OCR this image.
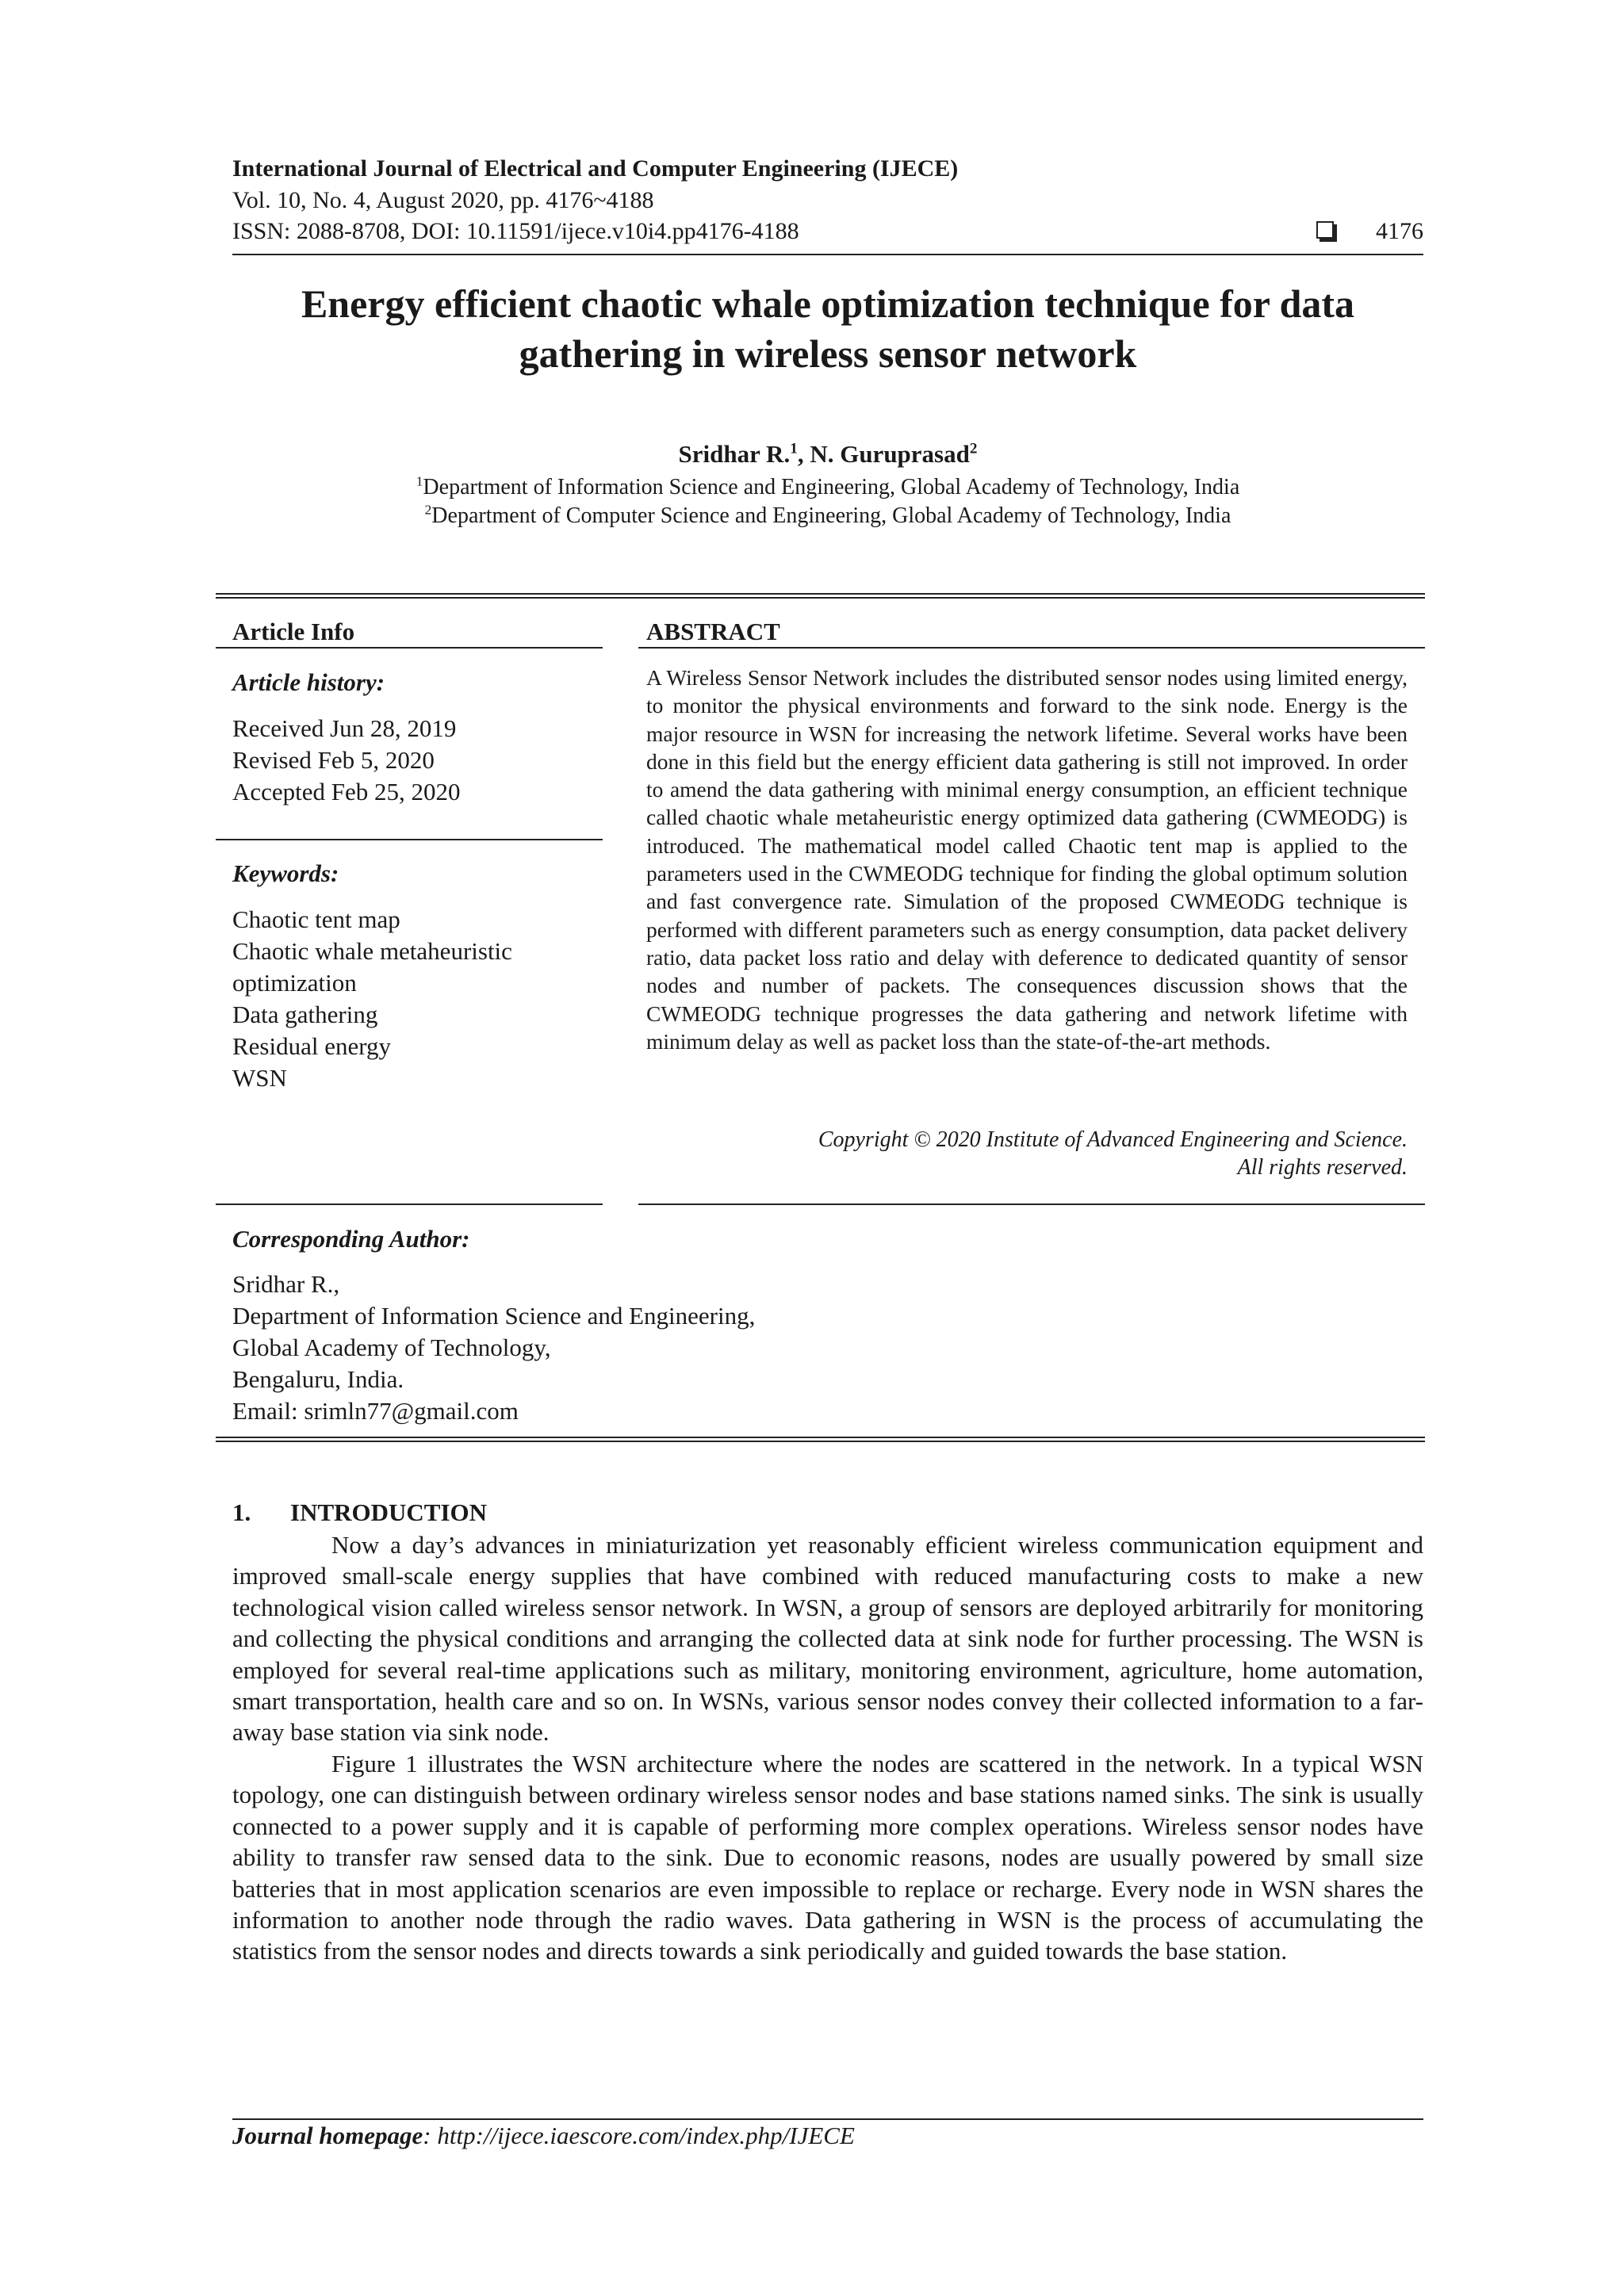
International Journal of Electrical and Computer Engineering (IJECE)
Vol. 10, No. 4, August 2020, pp. 4176~4188
ISSN: 2088-8708, DOI: 10.11591/ijece.v10i4.pp4176-4188	4176
Energy efficient chaotic whale optimization technique for data
gathering in wireless sensor network
Sridhar R.$^1$, N. Guruprasad$^2$
$^1$Department of Information Science and Engineering, Global Academy of Technology, India
$^2$Department of Computer Science and Engineering, Global Academy of Technology, India
Article Info
Article history:
Received Jun 28, 2019
Revised Feb 5, 2020
Accepted Feb 25, 2020
Keywords:
Chaotic tent map
Chaotic whale metaheuristic
optimization
Data gathering
Residual energy
WSN
ABSTRACT
A Wireless Sensor Network includes the distributed sensor nodes using limited energy, to monitor the physical environments and forward to the sink node. Energy is the major resource in WSN for increasing the network lifetime. Several works have been done in this field but the energy efficient data gathering is still not improved. In order to amend the data gathering with minimal energy consumption, an efficient technique called chaotic whale metaheuristic energy optimized data gathering (CWMEODG) is introduced. The mathematical model called Chaotic tent map is applied to the parameters used in the CWMEODG technique for finding the global optimum solution and fast convergence rate. Simulation of the proposed CWMEODG technique is performed with different parameters such as energy consumption, data packet delivery ratio, data packet loss ratio and delay with deference to dedicated quantity of sensor nodes and number of packets. The consequences discussion shows that the CWMEODG technique progresses the data gathering and network lifetime with minimum delay as well as packet loss than the state-of-the-art methods.
Copyright © 2020 Institute of Advanced Engineering and Science.
All rights reserved.
Corresponding Author:
Sridhar R.,
Department of Information Science and Engineering,
Global Academy of Technology,
Bengaluru, India.
Email: srimln77@gmail.com
1. INTRODUCTION
Now a day’s advances in miniaturization yet reasonably efficient wireless communication equipment and improved small-scale energy supplies that have combined with reduced manufacturing costs to make a new technological vision called wireless sensor network. In WSN, a group of sensors are deployed arbitrarily for monitoring and collecting the physical conditions and arranging the collected data at sink node for further processing. The WSN is employed for several real-time applications such as military, monitoring environment, agriculture, home automation, smart transportation, health care and so on. In WSNs, various sensor nodes convey their collected information to a far-away base station via sink node.
Figure 1 illustrates the WSN architecture where the nodes are scattered in the network. In a typical WSN topology, one can distinguish between ordinary wireless sensor nodes and base stations named sinks. The sink is usually connected to a power supply and it is capable of performing more complex operations. Wireless sensor nodes have ability to transfer raw sensed data to the sink. Due to economic reasons, nodes are usually powered by small size batteries that in most application scenarios are even impossible to replace or recharge. Every node in WSN shares the information to another node through the radio waves. Data gathering in WSN is the process of accumulating the statistics from the sensor nodes and directs towards a sink periodically and guided towards the base station.
Journal homepage: http://ijece.iaescore.com/index.php/IJECE
